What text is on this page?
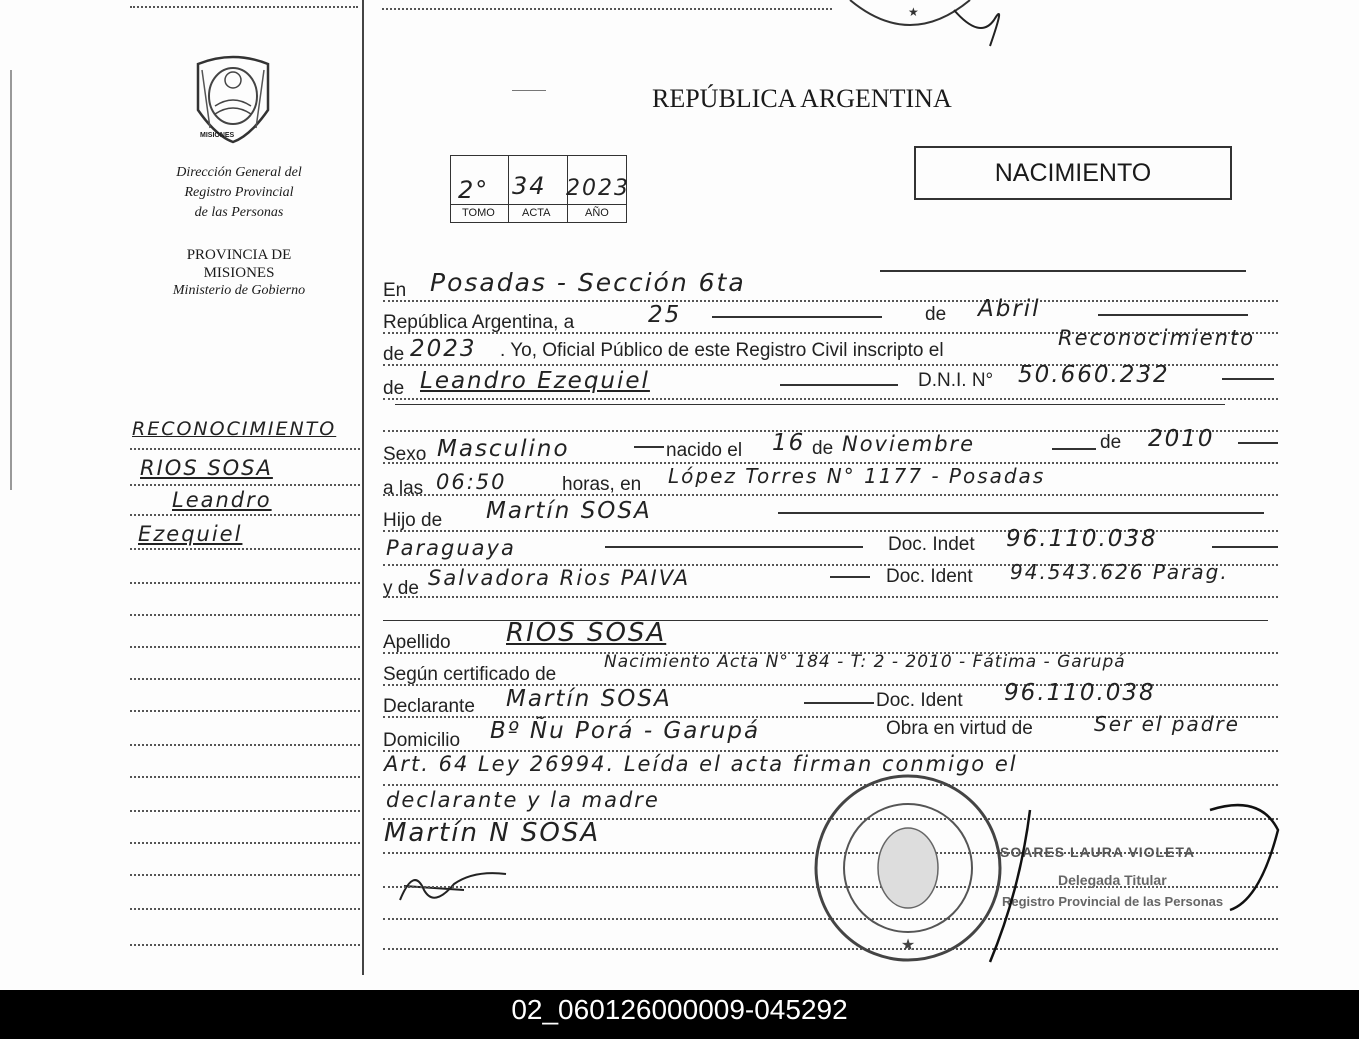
MISIONES
Dirección General del
Registro Provincial
de las Personas
PROVINCIA DE
MISIONES
Ministerio de Gobierno
RECONOCIMIENTO
RIOS SOSA
Leandro
Ezequiel
★
REPÚBLICA ARGENTINA
NACIMIENTO
2° 34 2023
TOMO ACTA	AÑO
En Posadas - Sección 6ta
República Argentina, a	25	de Abril
de 2023 . Yo, Oficial Público de este Registro Civil inscripto el
Reconocimiento
de Leandro Ezequiel	D.N.I. N° 50.660.232
Sexo Masculino	nacido el 16 de Noviembre	de 2010
a las 06:50	horas, en López Torres N° 1177 - Posadas
Hijo de Martín SOSA
Paraguaya	Doc. Indet 96.110.038
y de Salvadora Rios PAIVA	Doc. Ident 94.543.626 Parag.
Apellido RIOS SOSA
Según certificado de
Nacimiento Acta N° 184 - T: 2 - 2010 - Fátima - Garupá
Declarante Martín SOSA	Doc. Ident 96.110.038
Domicilio Bº Ñu Porá - Garupá	Obra en virtud de	Ser el padre
Art. 64 Ley 26994. Leída el acta firman conmigo el
declarante y la madre
Martín N SOSA
★
SOARES LAURA VIOLETA
Delegada Titular
Registro Provincial de las Personas
02_060126000009-045292
